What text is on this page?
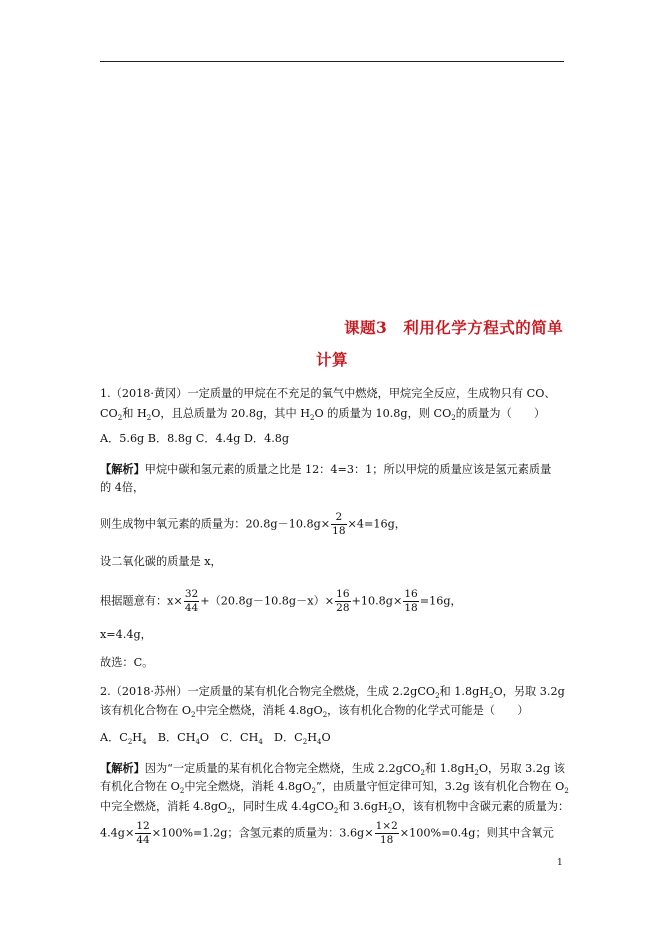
课题3　利用化学方程式的简单
计算
1.（2018·黄冈）一定质量的甲烷在不充足的氧气中燃烧，甲烷完全反应，生成物只有 CO、
$CO_2$和 $H_2O$，且总质量为 20.8g，其中 $H_2O$ 的质量为 10.8g，则 $CO_2$的质量为（　　）
A．5.6g B．8.8g C．4.4g D．4.8g
【解析】甲烷中碳和氢元素的质量之比是 12：4=3：1；所以甲烷的质量应该是氢元素质量
的 4倍，
则生成物中氧元素的质量为：$20.8g-10.8g\times \frac{2}{18} \times 4=16g$，
设二氧化碳的质量是 x，
根据题意有：$x\times \frac{32}{44} +(20.8g-10.8g-x)\times \frac{16}{28} +10.8g\times \frac{16}{18} =16g$，
x=4.4g，
故选：C。
2.（2018·苏州）一定质量的某有机化合物完全燃烧，生成 2.2gCO$_2$和 $1.8gH_2O$，另取 3.2g
该有机化合物在 $O_2$中完全燃烧，消耗 $4.8gO_2$，该有机化合物的化学式可能是（　　）
A．$C_2H_4$　B．$CH_4O$　C．$CH_4$　D．$C_2H_4O$
【解析】因为“一定质量的某有机化合物完全燃烧，生成 2.2gCO$_2$和 $1.8gH_2O$，另取 3.2g 该
有机化合物在 $O_2$中完全燃烧，消耗 $4.8gO_2$”，由质量守恒定律可知，3.2g 该有机化合物在 $O_2$
中完全燃烧，消耗 $4.8gO_2$，同时生成 4.4gCO$_2$和 $3.6gH_2O$，该有机物中含碳元素的质量为：
$4.4g\times \frac{12}{44} \times 100\%=1.2g$；含氢元素的质量为：$3.6g\times \frac{1\times 2}{18} \times 100\%=0.4g$；则其中含氧元
1
